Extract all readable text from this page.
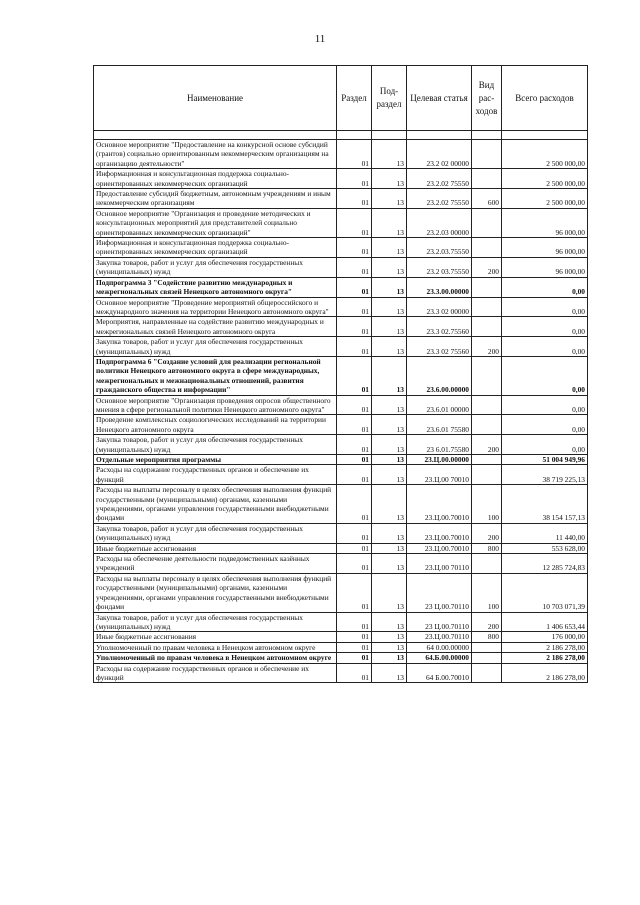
11
Наименование	Раздел	Под-раздел	Целевая статья	Вид рас-ходов	Всего расходов

Основное мероприятие "Предоставление на конкурсной основе субсидий (грантов) социально ориентированным некоммерческим организациям на организацию деятельности"	01	13	23.2 02 00000		2 500 000,00
Информационная и консультационная поддержка социально-ориентированных некоммерческих организаций	01	13	23.2.02 75550		2 500 000,00
Предоставление субсидий бюджетным, автономным учреждениям и иным некоммерческим организациям	01	13	23.2.02 75550	600	2 500 000,00
Основное мероприятие "Организация и проведение методических и консультационных мероприятий для представителей социально ориентированных некоммерческих организаций"	01	13	23.2.03 00000		96 000,00
Информационная и консультационная поддержка социально-ориентированных некоммерческих организаций	01	13	23.2.03.75550		96 000,00
Закупка товаров, работ и услуг для обеспечения государственных (муниципальных) нужд	01	13	23.2 03.75550	200	96 000,00
Подпрограмма 3 "Содействие развитию международных и межрегиональных связей Ненецкого автономного округа"	01	13	23.3.00.00000		0,00
Основное мероприятие "Проведение мероприятий общероссийского и международного значения на территории Ненецкого автономного округа"	01	13	23.3 02 00000		0,00
Мероприятия, направленные на содействие развитию международных и межрегиональных связей Ненецкого автономного округа	01	13	23.3 02.75560		0,00
Закупка товаров, работ и услуг для обеспечения государственных (муниципальных) нужд	01	13	23.3 02 75560	200	0,00
Подпрограмма 6 "Создание условий для реализации региональной политики Ненецкого автономного округа в сфере международных, межрегиональных и межнациональных отношений, развития гражданского общества и информации"	01	13	23.6.00.00000		0,00
Основное мероприятие "Организация проведения опросов общественного мнения в сфере региональной политики Ненецкого автономного округа"	01	13	23.6.01 00000		0,00
Проведение комплексных социологических исследований на территории Ненецкого автономного округа	01	13	23.6.01 75580		0,00
Закупка товаров, работ и услуг для обеспечения государственных (муниципальных) нужд	01	13	23 6.01.75580	200	0,00
Отдельные мероприятия программы	01	13	23.Ц.00.00000		51 004 949,96
Расходы на содержание государственных органов и обеспечение их функций	01	13	23.Ц.00 70010		38 719 225,13
Расходы на выплаты персоналу в целях обеспечения выполнения функций государственными (муниципальными) органами, казенными учреждениями, органами управления государственными внебюджетными фондами	01	13	23.Ц.00.70010	100	38 154 157,13
Закупка товаров, работ и услуг для обеспечения государственных (муниципальных) нужд	01	13	23.Ц.00.70010	200	11 440,00
Иные бюджетные ассигнования	01	13	23.Ц.00.70010	800	553 628,00
Расходы на обеспечение деятельности подведомственных казённых учреждений	01	13	23.Ц.00 70110		12 285 724,83
Расходы на выплаты персоналу в целях обеспечения выполнения функций государственными (муниципальными) органами, казенными учреждениями, органами управления государственными внебюджетными фондами	01	13	23 Ц.00.70110	100	10 703 071,39
Закупка товаров, работ и услуг для обеспечения государственных (муниципальных) нужд	01	13	23 Ц.00.70110	200	1 406 653,44
Иные бюджетные ассигнования	01	13	23.Ц.00.70110	800	176 000,00
Уполномоченный по правам человека в Ненецком автономном округе	01	13	64 0.00.00000		2 186 278,00
Уполномоченный по правам человека в Ненецком автономном округе	01	13	64.Б.00.00000		2 186 278,00
Расходы на содержание государственных органов и обеспечение их функций	01	13	64 Б.00.70010		2 186 278,00
